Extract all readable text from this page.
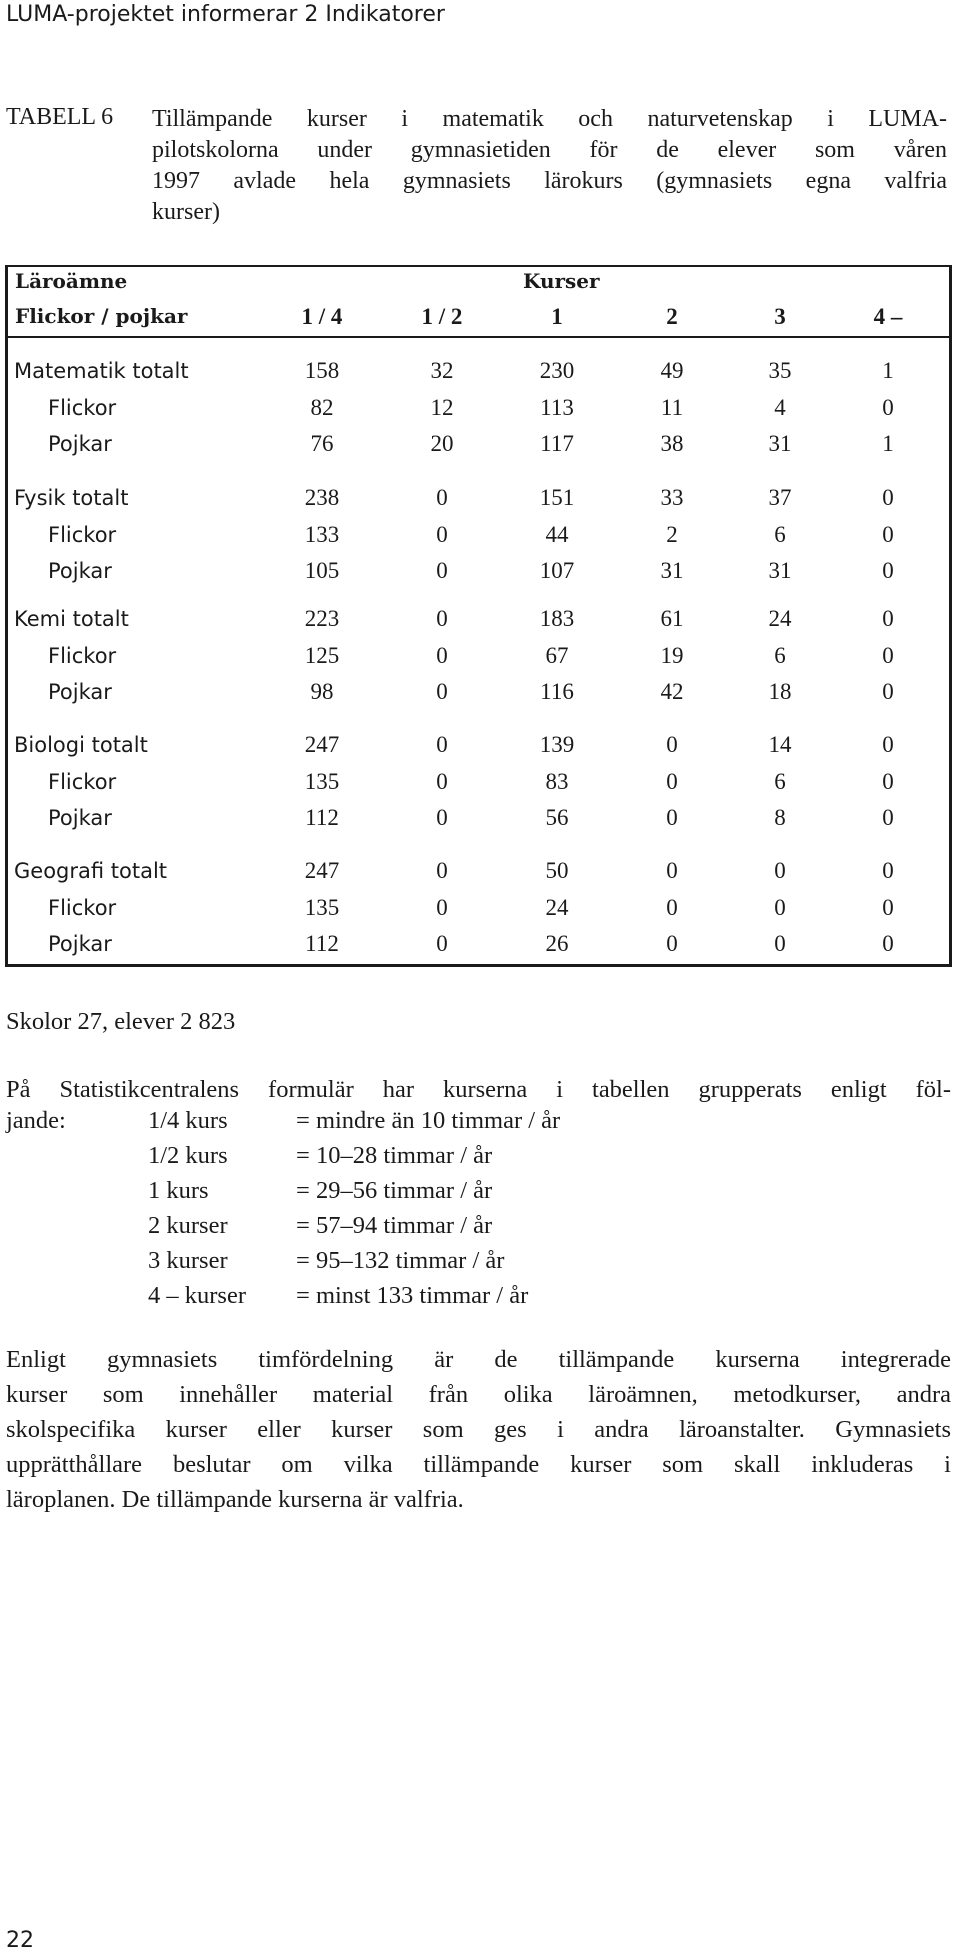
LUMA-projektet informerar 2 Indikatorer
TABELL 6 Tillämpande kurser i matematik och naturvetenskap i LUMA-
pilotskolorna under gymnasietiden för de elever som våren
1997 avlade hela gymnasiets lärokurs (gymnasiets egna valfria
kurser)
Läroämne	Kurser
Flickor / pojkar	1 / 4	1 / 2	1	2	3	4 –
Matematik totalt	158	32	230	49	35	1
Flickor	82	12	113	11	4	0
Pojkar	76	20	117	38	31	1
Fysik totalt	238	0	151	33	37	0
Flickor	133	0	44	2	6	0
Pojkar	105	0	107	31	31	0
Kemi totalt	223	0	183	61	24	0
Flickor	125	0	67	19	6	0
Pojkar	98	0	116	42	18	0
Biologi totalt	247	0	139	0	14	0
Flickor	135	0	83	0	6	0
Pojkar	112	0	56	0	8	0
Geografi totalt	247	0	50	0	0	0
Flickor	135	0	24	0	0	0
Pojkar	112	0	26	0	0	0
Skolor 27, elever 2 823
På Statistikcentralens formulär har kurserna i tabellen grupperats enligt föl-
jande:	1/4 kurs	= mindre än 10 timmar / år
1/2 kurs	= 10–28 timmar / år
1 kurs	= 29–56 timmar / år
2 kurser	= 57–94 timmar / år
3 kurser	= 95–132 timmar / år
4 – kurser = minst 133 timmar / år
Enligt gymnasiets timfördelning är de tillämpande kurserna integrerade
kurser som innehåller material från olika läroämnen, metodkurser, andra
skolspecifika kurser eller kurser som ges i andra läroanstalter. Gymnasiets
upprätthållare beslutar om vilka tillämpande kurser som skall inkluderas i
läroplanen. De tillämpande kurserna är valfria.
22
